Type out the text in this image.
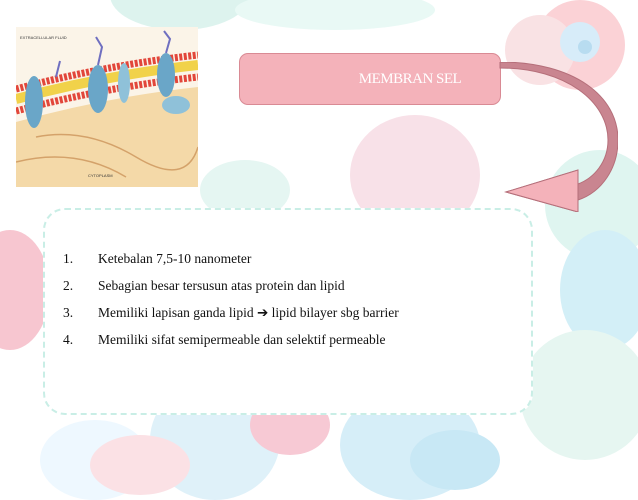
EXTRACELLULAR FLUID
CYTOPLASM
MEMBRAN SEL
1.	Ketebalan 7,5-10 nanometer
2.	Sebagian besar tersusun atas protein dan lipid
3.	Memiliki lapisan ganda lipid ➔ lipid bilayer sbg barrier
4.	Memiliki sifat semipermeable dan selektif permeable
